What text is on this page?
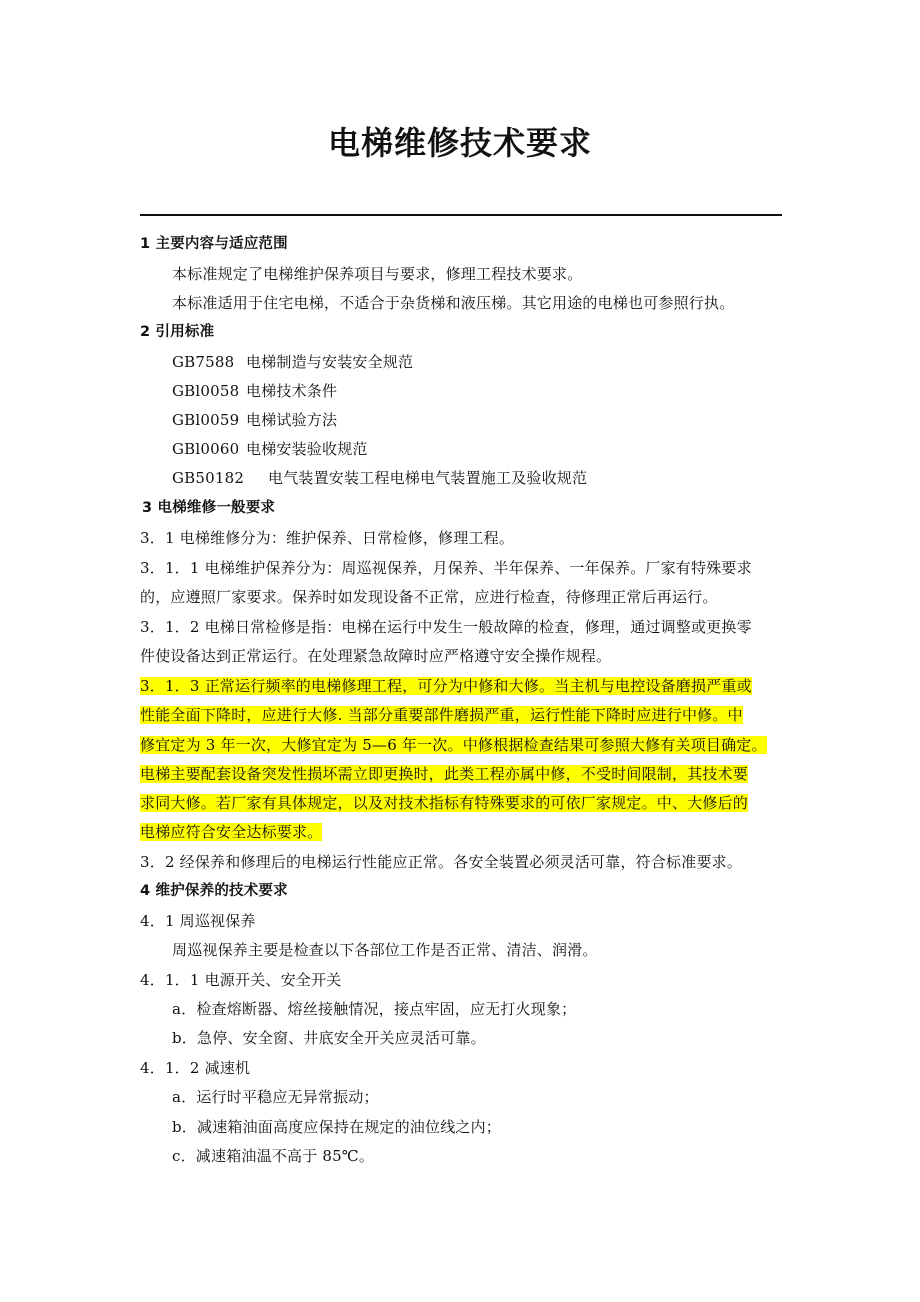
电梯维修技术要求
1 主要内容与适应范围
本标准规定了电梯维护保养项目与要求，修理工程技术要求。
本标准适用于住宅电梯，不适合于杂货梯和液压梯。其它用途的电梯也可参照行执。
2 引用标准
GB7588 电梯制造与安装安全规范
GBl0058 电梯技术条件
GBl0059 电梯试验方法
GBl0060 电梯安装验收规范
GB50182 电气装置安装工程电梯电气装置施工及验收规范
3 电梯维修一般要求
3．1 电梯维修分为：维护保养、日常检修，修理工程。
3．1．1 电梯维护保养分为：周巡视保养，月保养、半年保养、一年保养。厂家有特殊要求
的，应遵照厂家要求。保养时如发现设备不正常，应进行检查，待修理正常后再运行。
3．1．2 电梯日常检修是指：电梯在运行中发生一般故障的检查，修理，通过调整或更换零
件使设备达到正常运行。在处理紧急故障时应严格遵守安全操作规程。
3．1．3 正常运行频率的电梯修理工程，可分为中修和大修。当主机与电控设备磨损严重或
性能全面下降时，应进行大修. 当部分重要部件磨损严重，运行性能下降时应进行中修。中
修宜定为 3 年一次，大修宜定为 5—6 年一次。中修根据检查结果可参照大修有关项目确定。
电梯主要配套设备突发性损坏需立即更换时，此类工程亦属中修，不受时间限制，其技术要
求同大修。若厂家有具体规定，以及对技术指标有特殊要求的可依厂家规定。中、大修后的
电梯应符合安全达标要求。
3．2 经保养和修理后的电梯运行性能应正常。各安全装置必须灵活可靠，符合标准要求。
4 维护保养的技术要求
4．1 周巡视保养
周巡视保养主要是检查以下各部位工作是否正常、清洁、润滑。
4．1．1 电源开关、安全开关
a．检查熔断器、熔丝接触情况，接点牢固，应无打火现象；
b．急停、安全窗、井底安全开关应灵活可靠。
4．1．2 减速机
a．运行时平稳应无异常振动；
b．减速箱油面高度应保持在规定的油位线之内；
c．减速箱油温不高于 85℃。
